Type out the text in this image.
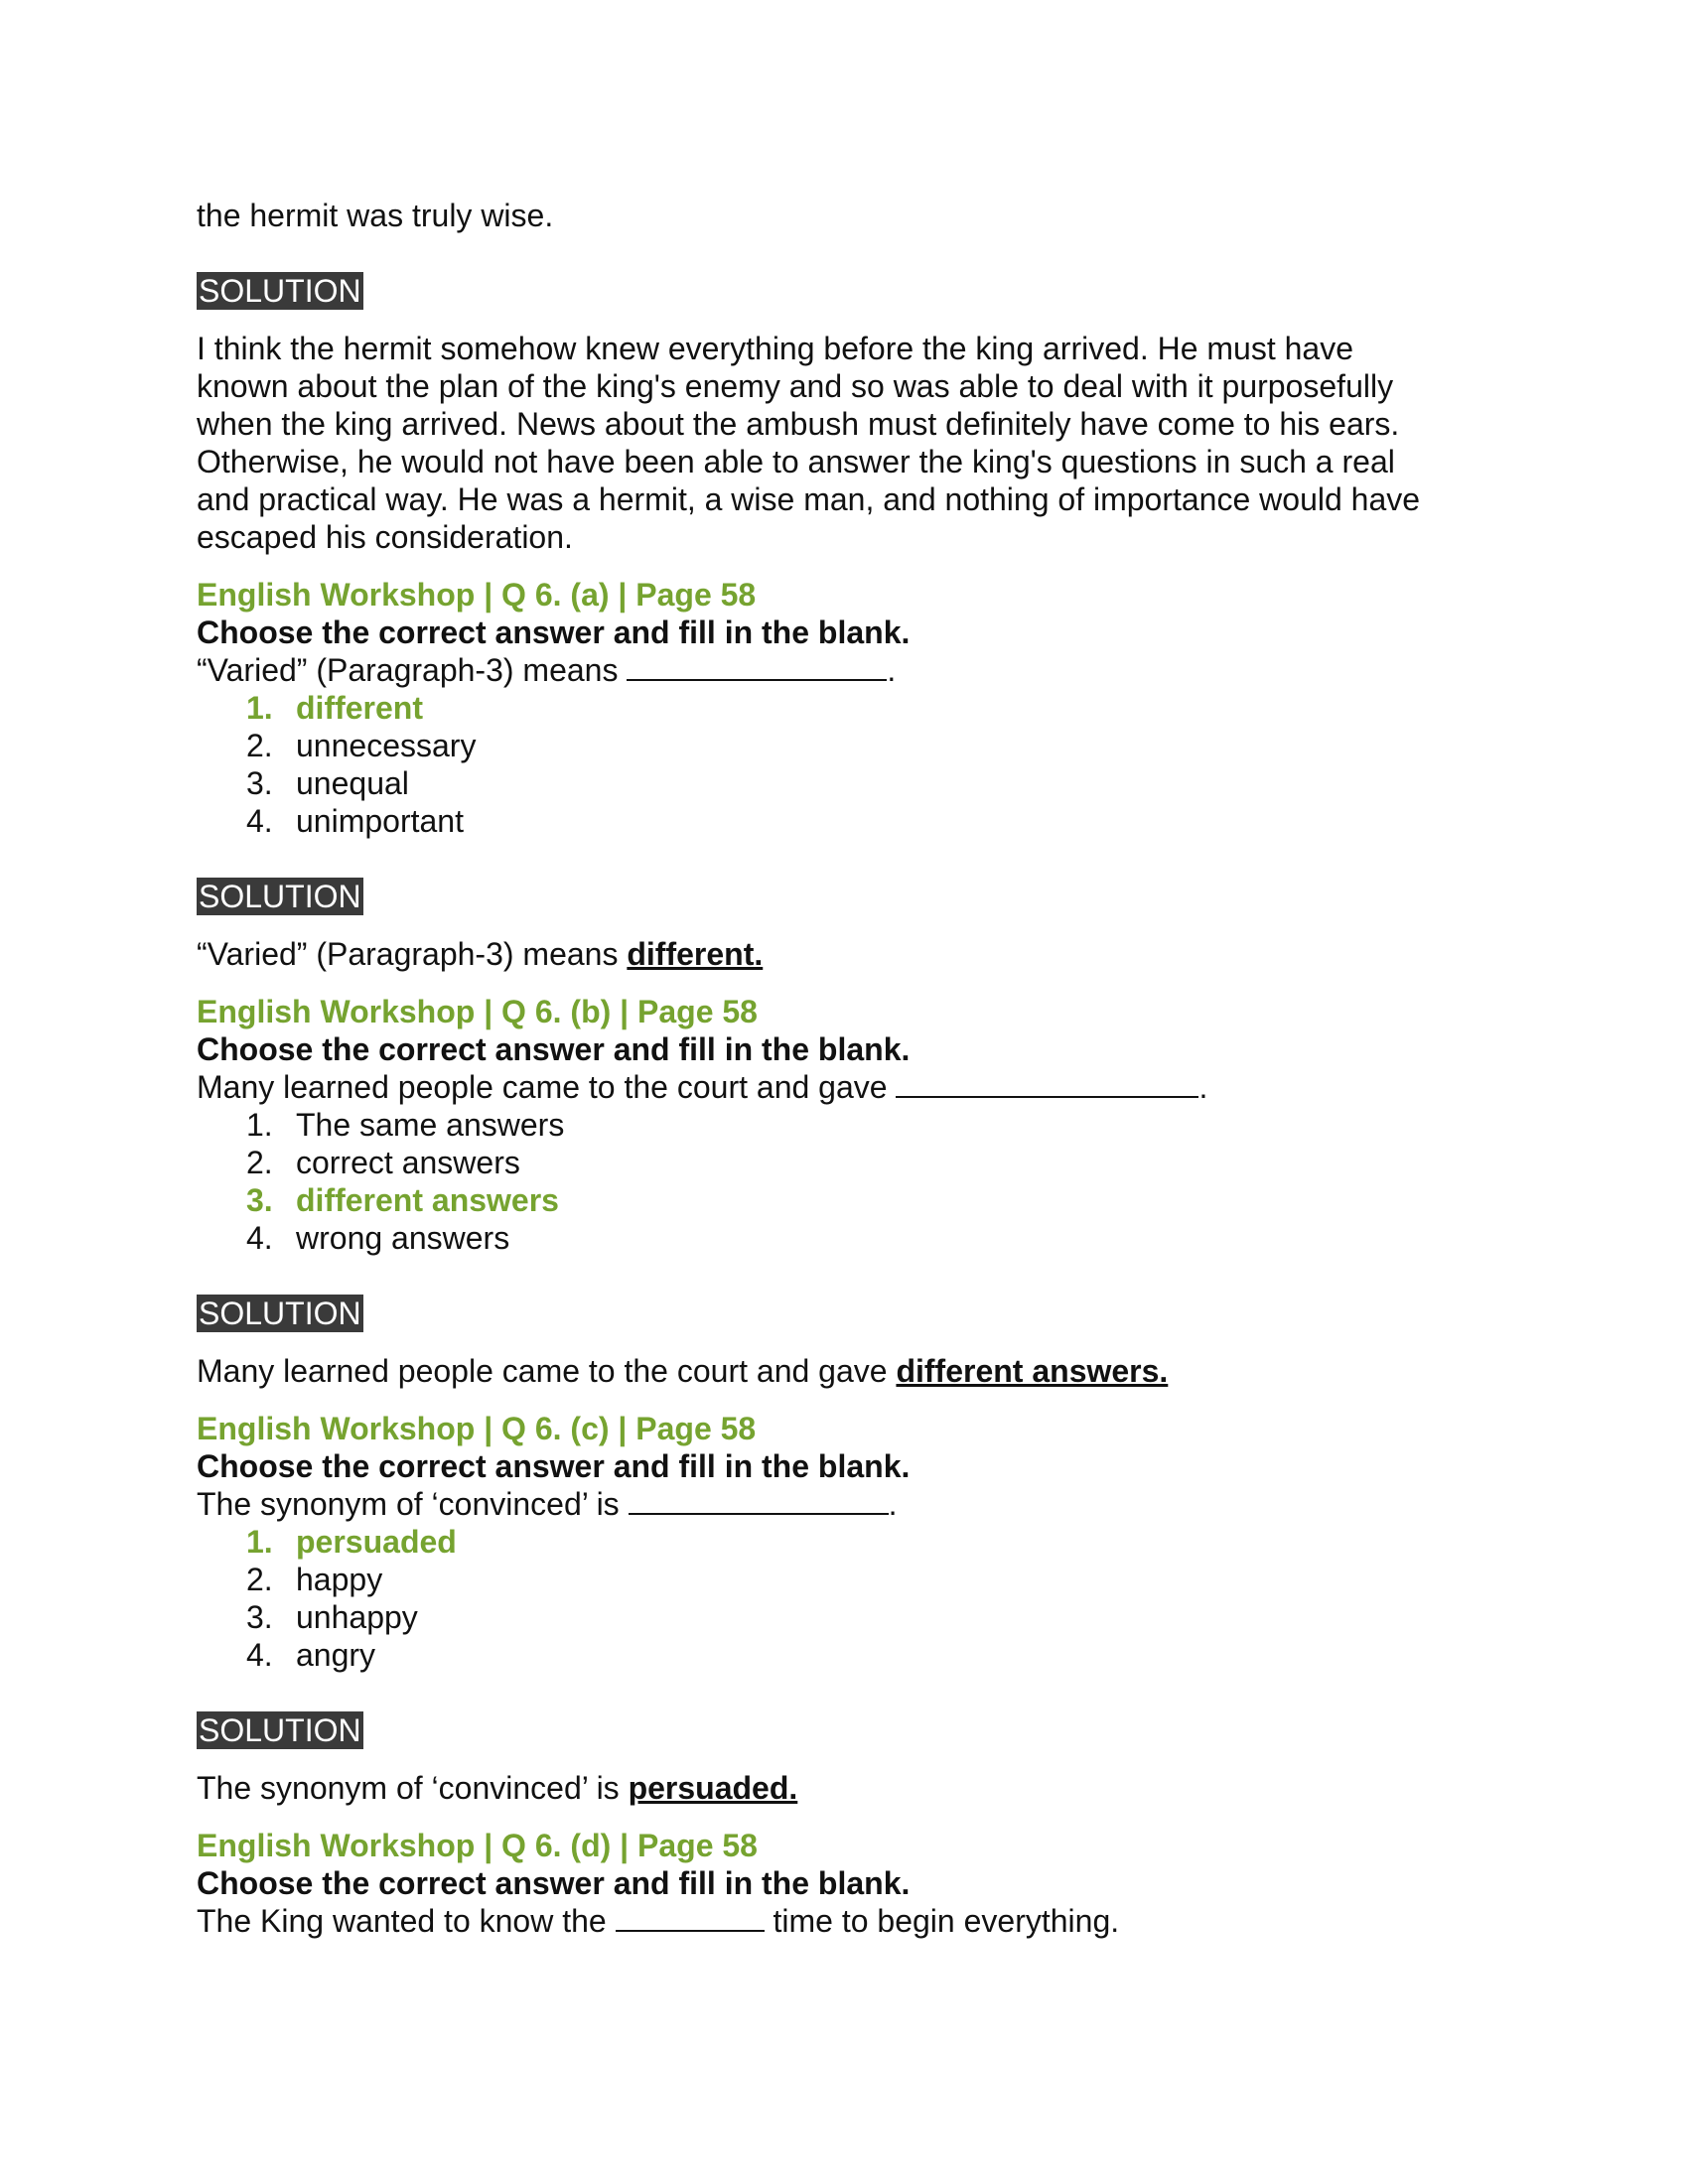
the hermit was truly wise.

SOLUTION

I think the hermit somehow knew everything before the king arrived. He must have

known about the plan of the king's enemy and so was able to deal with it purposefully

when the king arrived. News about the ambush must definitely have come to his ears.

Otherwise, he would not have been able to answer the king's questions in such a real

and practical way. He was a hermit, a wise man, and nothing of importance would have

escaped his consideration.

English Workshop | Q 6. (a) | Page 58

Choose the correct answer and fill in the blank.

“Varied” (Paragraph-3) means	.

1. different
2. unnecessary
3. unequal
4. unimportant
SOLUTION

“Varied” (Paragraph-3) means different.

English Workshop | Q 6. (b) | Page 58

Choose the correct answer and fill in the blank.

Many learned people came to the court and gave	.

1. The same answers
2. correct answers
3. different answers
4. wrong answers
SOLUTION

Many learned people came to the court and gave different answers.

English Workshop | Q 6. (c) | Page 58

Choose the correct answer and fill in the blank.

The synonym of ‘convinced’ is	.

1. persuaded
2. happy
3. unhappy
4. angry
SOLUTION

The synonym of ‘convinced’ is persuaded.

English Workshop | Q 6. (d) | Page 58

Choose the correct answer and fill in the blank.

The King wanted to know the	time to begin everything.
